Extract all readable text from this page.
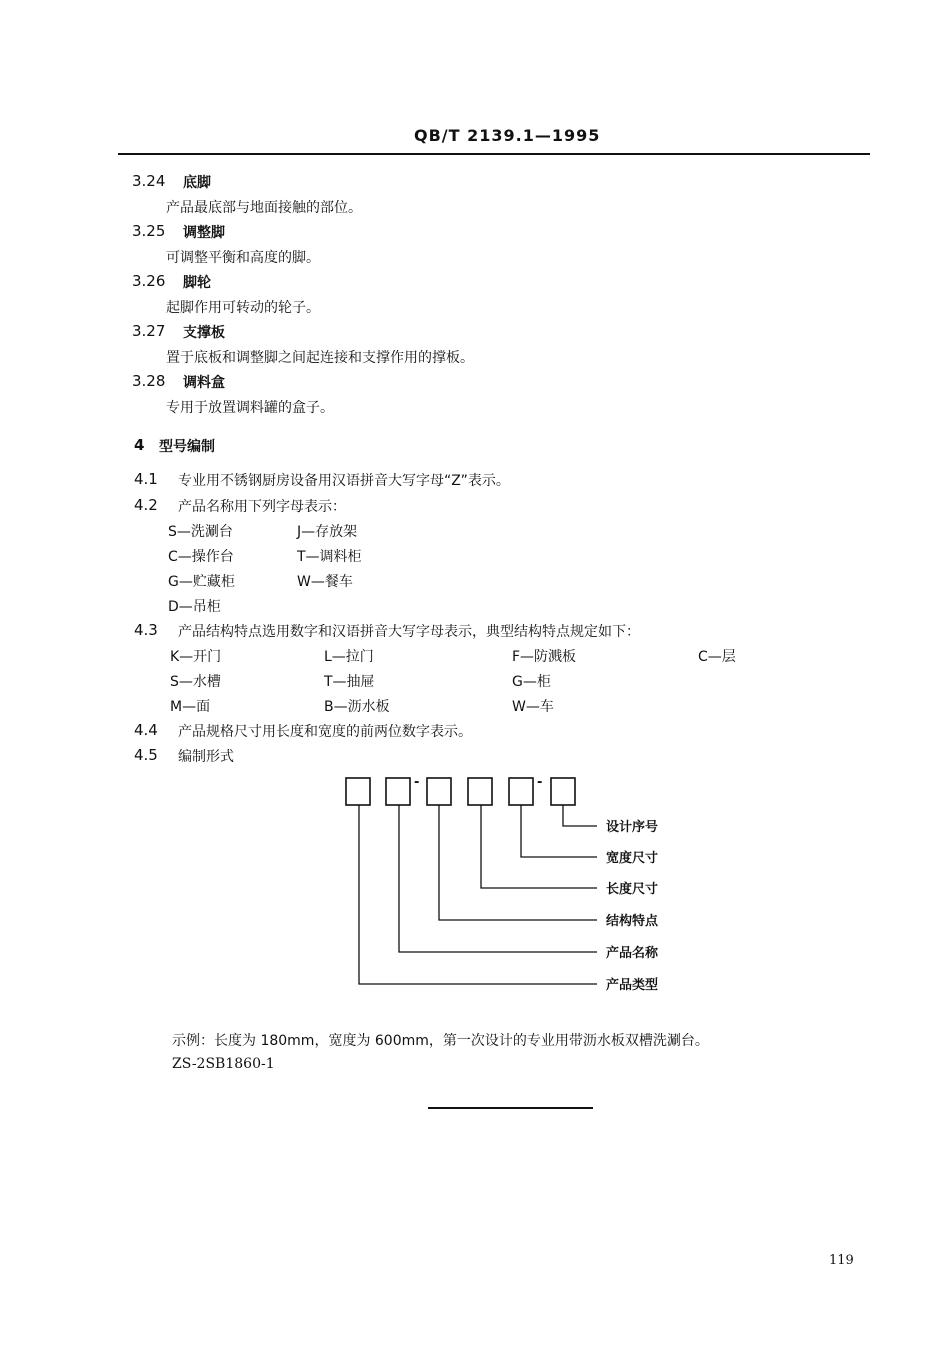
QB/T 2139.1—1995
3.24 底脚
产品最底部与地面接触的部位。
3.25 调整脚
可调整平衡和高度的脚。
3.26 脚轮
起脚作用可转动的轮子。
3.27 支撑板
置于底板和调整脚之间起连接和支撑作用的撑板。
3.28 调料盒
专用于放置调料罐的盒子。
4 型号编制
4.1 专业用不锈钢厨房设备用汉语拼音大写字母“Z”表示。
4.2 产品名称用下列字母表示：
S—洗涮台	J—存放架
C—操作台	T—调料柜
G—贮藏柜	W—餐车
D—吊柜
4.3 产品结构特点选用数字和汉语拼音大写字母表示，典型结构特点规定如下：
K—开门	L—拉门	F—防溅板	C—层
S—水槽	T—抽屉	G—柜
M—面	B—沥水板	W—车
4.4 产品规格尺寸用长度和宽度的前两位数字表示。
4.5 编制形式
-	-
设计序号
宽度尺寸
长度尺寸
结构特点
产品名称
产品类型
示例：长度为 180mm，宽度为 600mm，第一次设计的专业用带沥水板双槽洗涮台。
ZS-2SB1860-1
119
